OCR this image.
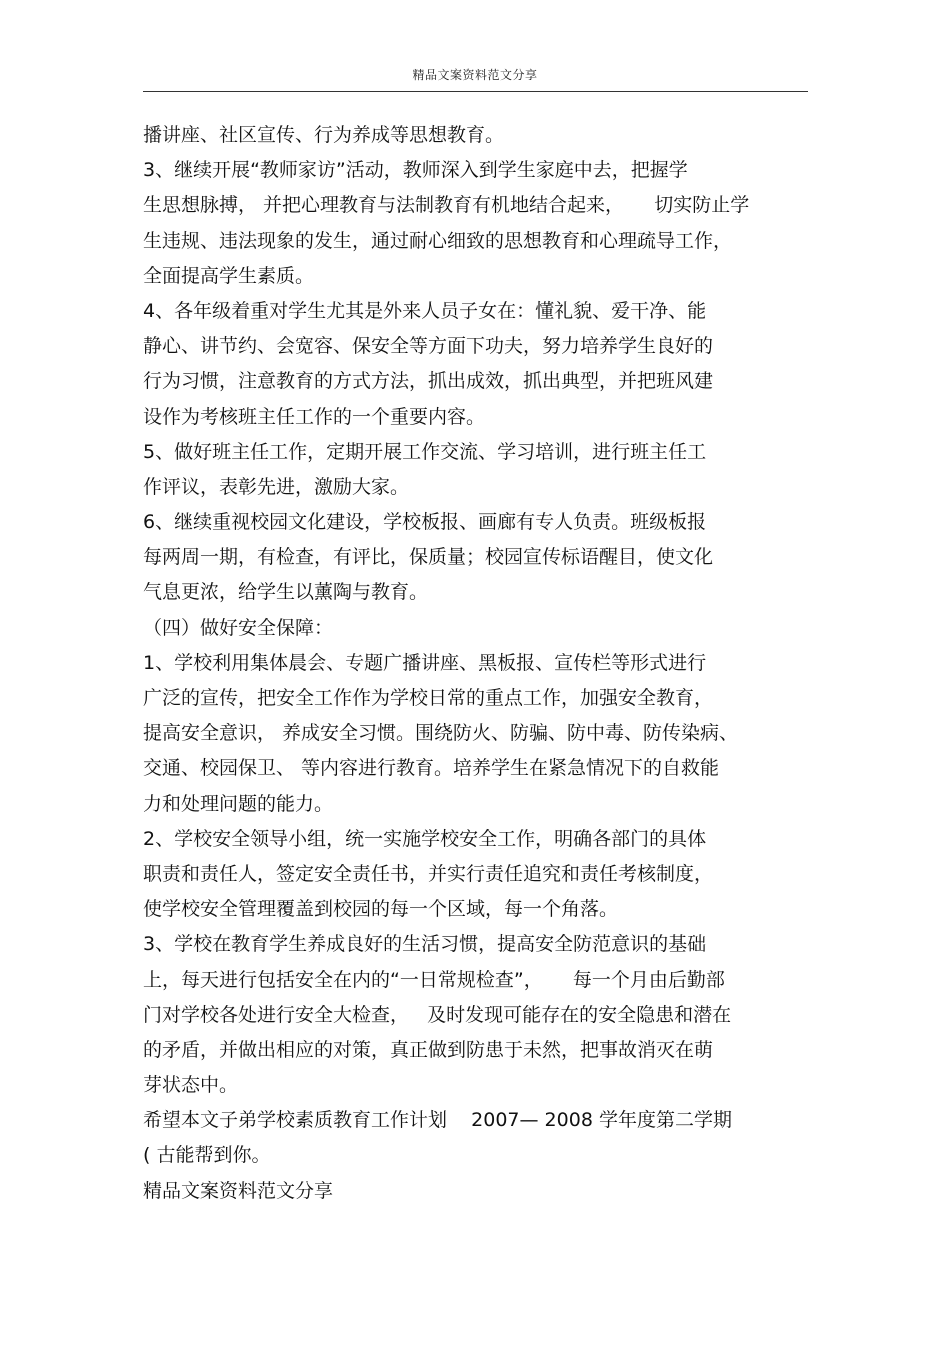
精品文案资料范文分享
播讲座、社区宣传、行为养成等思想教育。
3、继续开展“教师家访”活动，教师深入到学生家庭中去，把握学
生思想脉搏， 并把心理教育与法制教育有机地结合起来，     切实防止学
生违规、违法现象的发生，通过耐心细致的思想教育和心理疏导工作，
全面提高学生素质。
4、各年级着重对学生尤其是外来人员子女在：懂礼貌、爱干净、能
静心、讲节约、会宽容、保安全等方面下功夫，努力培养学生良好的
行为习惯，注意教育的方式方法，抓出成效，抓出典型，并把班风建
设作为考核班主任工作的一个重要内容。
5、做好班主任工作，定期开展工作交流、学习培训，进行班主任工
作评议，表彰先进，激励大家。
6、继续重视校园文化建设，学校板报、画廊有专人负责。班级板报
每两周一期，有检查，有评比，保质量；校园宣传标语醒目，使文化
气息更浓，给学生以薰陶与教育。
（四）做好安全保障：
1、学校利用集体晨会、专题广播讲座、黑板报、宣传栏等形式进行
广泛的宣传，把安全工作作为学校日常的重点工作，加强安全教育，
提高安全意识， 养成安全习惯。围绕防火、防骗、防中毒、防传染病、
交通、校园保卫、 等内容进行教育。培养学生在紧急情况下的自救能
力和处理问题的能力。
2、学校安全领导小组，统一实施学校安全工作，明确各部门的具体
职责和责任人，签定安全责任书，并实行责任追究和责任考核制度，
使学校安全管理覆盖到校园的每一个区域，每一个角落。
3、学校在教育学生养成良好的生活习惯，提高安全防范意识的基础
上，每天进行包括安全在内的“一日常规检查”，     每一个月由后勤部
门对学校各处进行安全大检查，   及时发现可能存在的安全隐患和潜在
的矛盾，并做出相应的对策，真正做到防患于未然，把事故消灭在萌
芽状态中。
希望本文子弟学校素质教育工作计划    2007— 2008 学年度第二学期
( 古能帮到你。
精品文案资料范文分享
